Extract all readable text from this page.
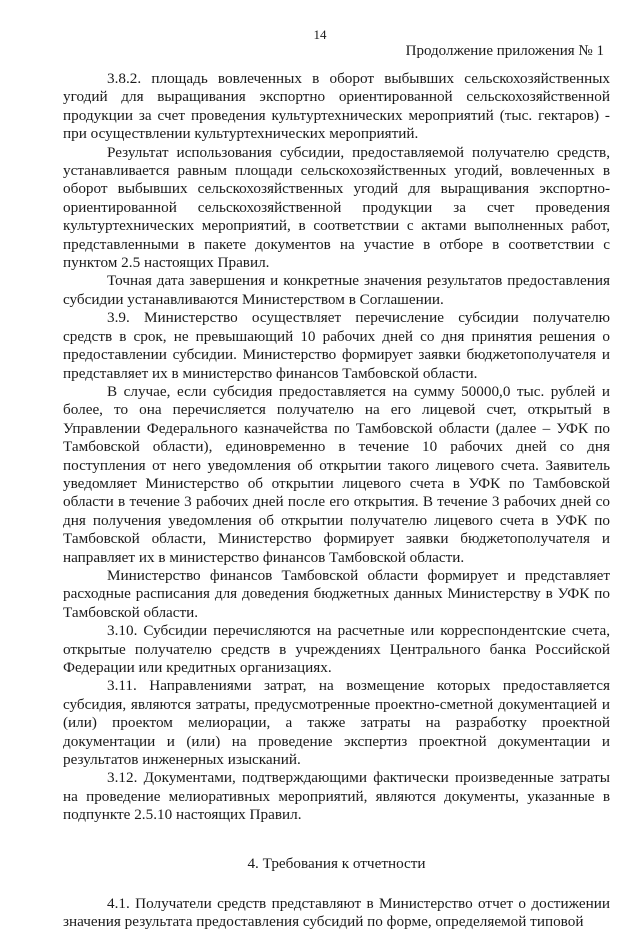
14
Продолжение приложения № 1

3.8.2. площадь вовлеченных в оборот выбывших сельскохозяйственных угодий для выращивания экспортно ориентированной сельскохозяйственной продукции за счет проведения культуртехнических мероприятий (тыс. гектаров) - при осуществлении культуртехнических мероприятий.

Результат использования субсидии, предоставляемой получателю средств, устанавливается равным площади сельскохозяйственных угодий, вовлеченных в оборот выбывших сельскохозяйственных угодий для выращивания экспортно-ориентированной сельскохозяйственной продукции за счет проведения культуртехнических мероприятий, в соответствии с актами выполненных работ, представленными в пакете документов на участие в отборе в соответствии с пунктом 2.5 настоящих Правил.

Точная дата завершения и конкретные значения результатов предоставления субсидии устанавливаются Министерством в Соглашении.

3.9. Министерство осуществляет перечисление субсидии получателю средств в срок, не превышающий 10 рабочих дней со дня принятия решения о предоставлении субсидии. Министерство формирует заявки бюджетополучателя и представляет их в министерство финансов Тамбовской области.

В случае, если субсидия предоставляется на сумму 50000,0 тыс. рублей и более, то она перечисляется получателю на его лицевой счет, открытый в Управлении Федерального казначейства по Тамбовской области (далее – УФК по Тамбовской области), единовременно в течение 10 рабочих дней со дня поступления от него уведомления об открытии такого лицевого счета. Заявитель уведомляет Министерство об открытии лицевого счета в УФК по Тамбовской области в течение 3 рабочих дней после его открытия. В течение 3 рабочих дней со дня получения уведомления об открытии получателю лицевого счета в УФК по Тамбовской области, Министерство формирует заявки бюджетополучателя и направляет их в министерство финансов Тамбовской области.

Министерство финансов Тамбовской области формирует и представляет расходные расписания для доведения бюджетных данных Министерству в УФК по Тамбовской области.

3.10. Субсидии перечисляются на расчетные или корреспондентские счета, открытые получателю средств в учреждениях Центрального банка Российской Федерации или кредитных организациях.

3.11. Направлениями затрат, на возмещение которых предоставляется субсидия, являются затраты, предусмотренные проектно-сметной документацией и (или) проектом мелиорации, а также затраты на разработку проектной документации и (или) на проведение экспертиз проектной документации и результатов инженерных изысканий.

3.12. Документами, подтверждающими фактически произведенные затраты на проведение мелиоративных мероприятий, являются документы, указанные в подпункте 2.5.10 настоящих Правил.

4. Требования к отчетности

4.1. Получатели средств представляют в Министерство отчет о достижении значения результата предоставления субсидий по форме, определяемой типовой
